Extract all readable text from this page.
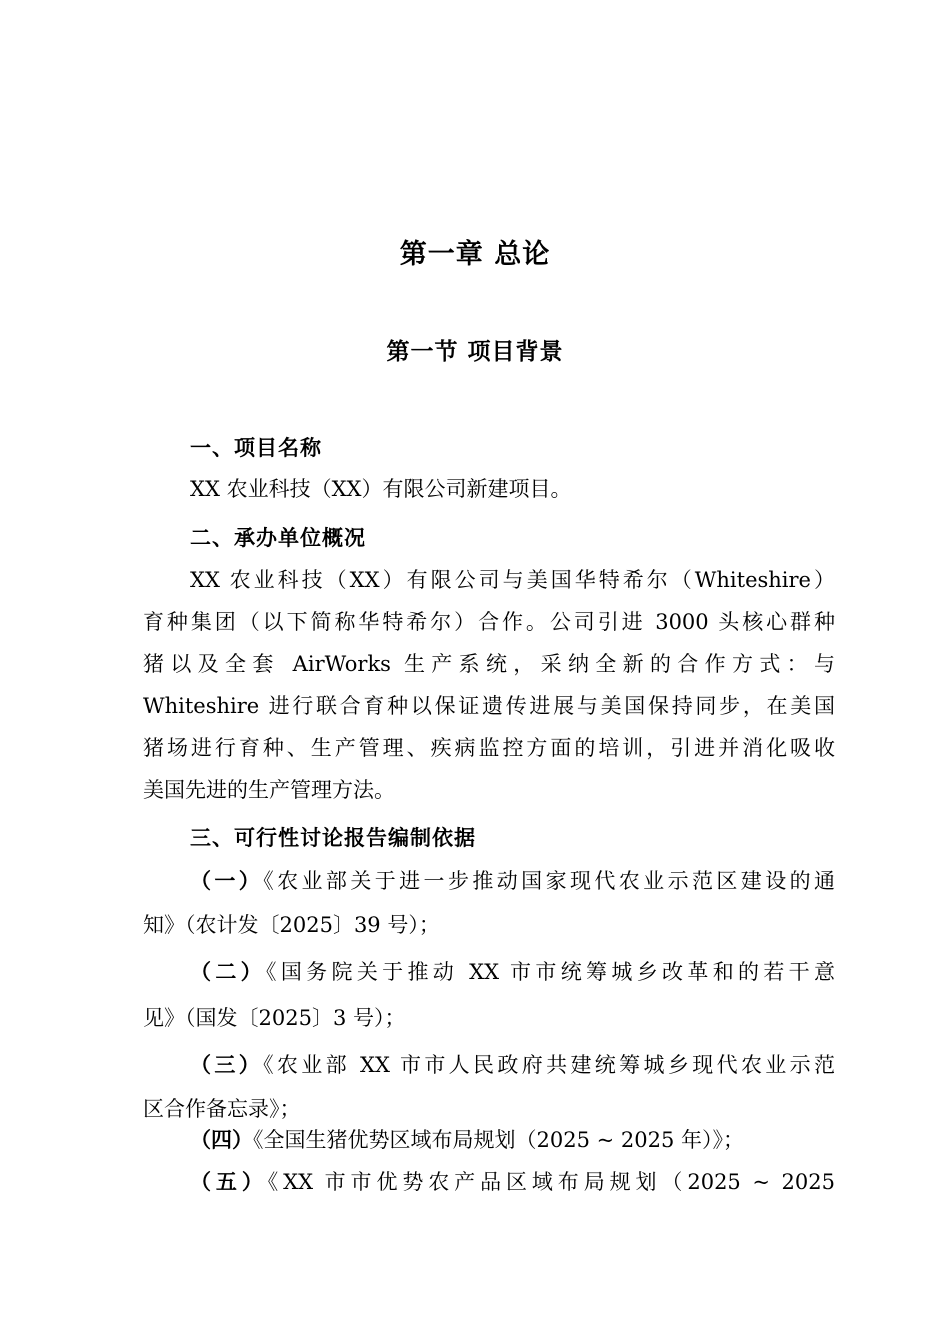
第一章 总论
第一节 项目背景
一、项目名称
XX 农业科技（XX）有限公司新建项目。
二、承办单位概况
XX 农业科技（XX）有限公司与美国华特希尔（Whiteshire）
育种集团（以下简称华特希尔）合作。公司引进 3000 头核心群种
猪以及全套 AirWorks 生产系统，采纳全新的合作方式：与
Whiteshire 进行联合育种以保证遗传进展与美国保持同步，在美国
猪场进行育种、生产管理、疾病监控方面的培训，引进并消化吸收
美国先进的生产管理方法。
三、可行性讨论报告编制依据
（一）《农业部关于进一步推动国家现代农业示范区建设的通
知》（农计发〔2025〕39 号）；
（二）《国务院关于推动 XX 市市统筹城乡改革和的若干意
见》（国发〔2025〕3 号）；
（三）《农业部 XX 市市人民政府共建统筹城乡现代农业示范
区合作备忘录》；
（四）《全国生猪优势区域布局规划（2025 ~ 2025 年）》；
（五）《XX 市市优势农产品区域布局规划（2025 ~ 2025
